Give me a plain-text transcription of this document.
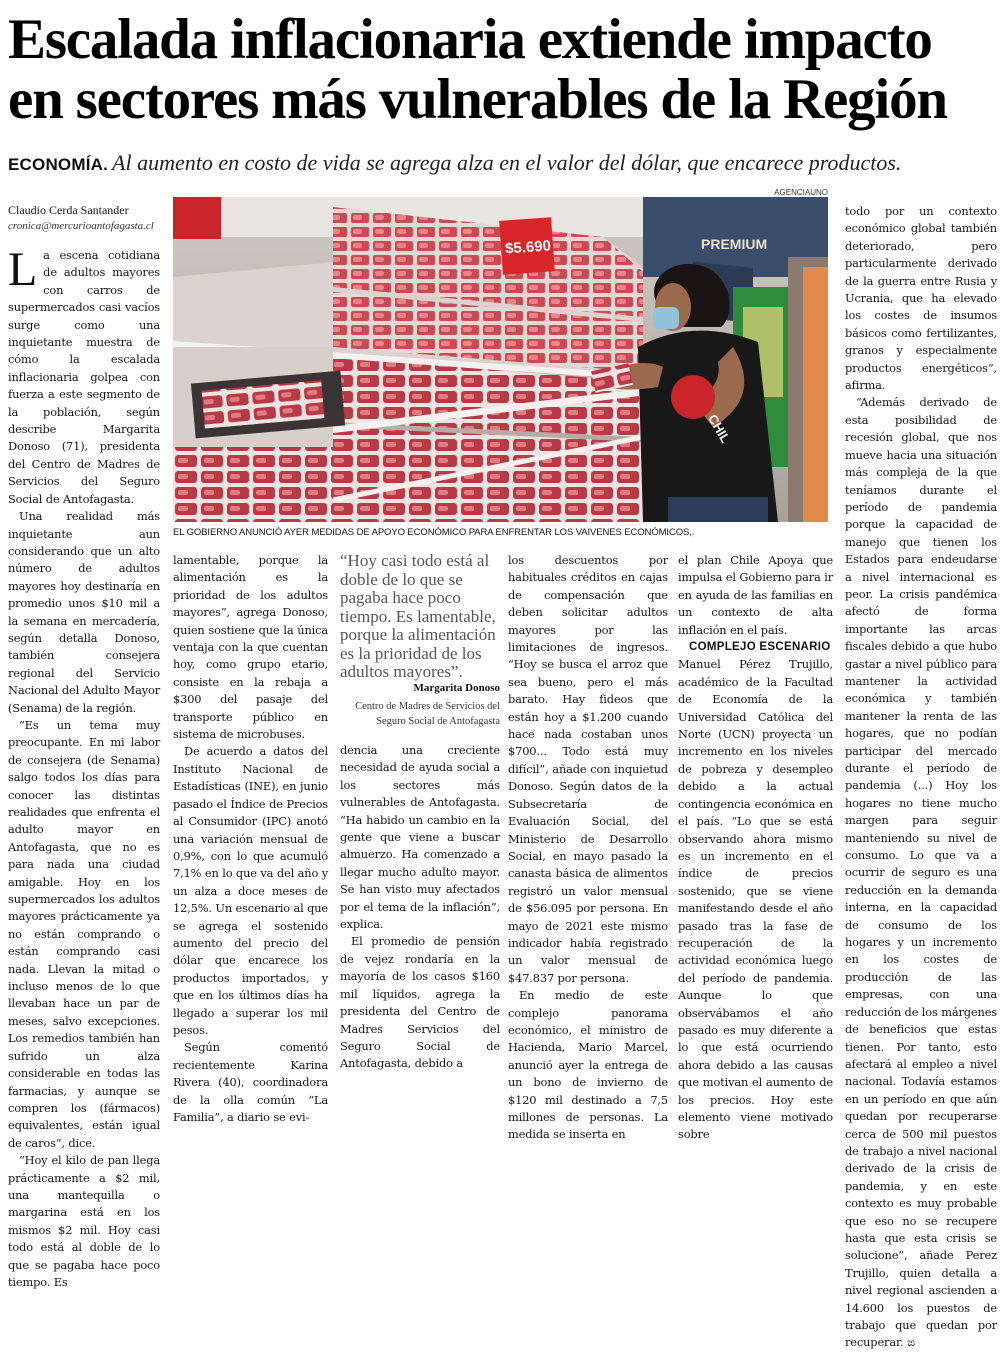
Escalada inflacionaria extiende impacto
en sectores más vulnerables de la Región
ECONOMÍA. Al aumento en costo de vida se agrega alza en el valor del dólar, que encarece productos.
Claudio Cerda Santander
cronica@mercurioantofagasta.cl
AGENCIAUNO
PREMIUM
$5.690
CHIL
EL GOBIERNO ANUNCIÓ AYER MEDIDAS DE APOYO ECONÓMICO PARA ENFRENTAR LOS VAIVENES ECONÓMICOS,.

La escena cotidiana de adultos mayores con carros de supermercados casi vacíos surge como una inquietante muestra de cómo la escalada inflacionaria golpea con fuerza a este segmento de la población, según describe Margarita Donoso (71), presidenta del Centro de Madres de Servicios del Seguro Social de Antofagasta.

Una realidad más inquietante aun considerando que un alto número de adultos mayores hoy destinaría en promedio unos $10 mil a la semana en mercadería, según detalla Donoso, también consejera regional del Servicio Nacional del Adulto Mayor (Senama) de la región.

“Es un tema muy preocupante. En mi labor de consejera (de Senama) salgo todos los días para conocer las distintas realidades que enfrenta el adulto mayor en Antofagasta, que no es para nada una ciudad amigable. Hoy en los supermercados los adultos mayores prácticamente ya no están comprando o están comprando casi nada. Llevan la mitad o incluso menos de lo que llevaban hace un par de meses, salvo excepciones. Los remedios también han sufrido un alza considerable en todas las farmacias, y aunque se compren los (fármacos) equivalentes, están igual de caros”, dice.

“Hoy el kilo de pan llega prácticamente a $2 mil, una mantequilla o margarina está en los mismos $2 mil. Hoy casi todo está al doble de lo que se pagaba hace poco tiempo. Es

lamentable, porque la alimentación es la prioridad de los adultos mayores”, agrega Donoso, quien sostiene que la única ventaja con la que cuentan hoy, como grupo etario, consiste en la rebaja a $300 del pasaje del transporte público en sistema de microbuses.

De acuerdo a datos del Instituto Nacional de Estadísticas (INE), en junio pasado el Índice de Precios al Consumidor (IPC) anotó una variación mensual de 0,9%, con lo que acumuló 7,1% en lo que va del año y un alza a doce meses de 12,5%. Un escenario al que se agrega el sostenido aumento del precio del dólar que encarece los productos importados, y que en los últimos días ha llegado a superar los mil pesos.

Según comentó recientemente Karina Rivera (40), coordinadora de la olla común “La Familia”, a diario se evi-

“Hoy casi todo está al doble de lo que se pagaba hace poco tiempo. Es lamentable, porque la alimentación es la prioridad de los adultos mayores”.
Margarita Donoso
Centro de Madres de Servicios del Seguro Social de Antofagasta

dencia una creciente necesidad de ayuda social a los sectores más vulnerables de Antofagasta. “Ha habido un cambio en la gente que viene a buscar almuerzo. Ha comenzado a llegar mucho adulto mayor. Se han visto muy afectados por el tema de la inflación”, explica.

El promedio de pensión de vejez rondaría en la mayoría de los casos $160 mil líquidos, agrega la presidenta del Centro de Madres Servicios del Seguro Social de Antofagasta, debido a

los descuentos por habituales créditos en cajas de compensación que deben solicitar adultos mayores por las limitaciones de ingresos. “Hoy se busca el arroz que sea bueno, pero el más barato. Hay fideos que están hoy a $1.200 cuando hace nada costaban unos $700... Todo está muy difícil”, añade con inquietud Donoso. Según datos de la Subsecretaría de Evaluación Social, del Ministerio de Desarrollo Social, en mayo pasado la canasta básica de alimentos registró un valor mensual de $56.095 por persona. En mayo de 2021 este mismo indicador había registrado un valor mensual de $47.837 por persona.

En medio de este complejo panorama económico, el ministro de Hacienda, Mario Marcel, anunció ayer la entrega de un bono de invierno de $120 mil destinado a 7,5 millones de personas. La medida se inserta en

el plan Chile Apoya que impulsa el Gobierno para ir en ayuda de las familias en un contexto de alta inflación en el país.

COMPLEJO ESCENARIO

Manuel Pérez Trujillo, académico de la Facultad de Economía de la Universidad Católica del Norte (UCN) proyecta un incremento en los niveles de pobreza y desempleo debido a la actual contingencia económica en el país. “Lo que se está observando ahora mismo es un incremento en el índice de precios sostenido, que se viene manifestando desde el año pasado tras la fase de recuperación de la actividad económica luego del período de pandemia. Aunque lo que observábamos el año pasado es muy diferente a lo que está ocurriendo ahora debido a las causas que motivan el aumento de los precios. Hoy este elemento viene motivado sobre

todo por un contexto económico global también deteriorado, pero particularmente derivado de la guerra entre Rusia y Ucrania, que ha elevado los costes de insumos básicos como fertilizantes, granos y especialmente productos energéticos”, afirma.

“Además derivado de esta posibilidad de recesión global, que nos mueve hacia una situación más compleja de la que teníamos durante el período de pandemia porque la capacidad de manejo que tienen los Estados para endeudarse a nivel internacional es peor. La crisis pandémica afectó de forma importante las arcas fiscales debido a que hubo gastar a nivel público para mantener la actividad económica y también mantener la renta de las hogares, que no podían participar del mercado durante el período de pandemia (...) Hoy los hogares no tiene mucho margen para seguir manteniendo su nivel de consumo. Lo que va a ocurrir de seguro es una reducción en la demanda interna, en la capacidad de consumo de los hogares y un incremento en los costes de producción de las empresas, con una reducción de los márgenes de beneficios que estas tienen. Por tanto, esto afectará al empleo a nivel nacional. Todavía estamos en un período en que aún quedan por recuperarse cerca de 500 mil puestos de trabajo a nivel nacional derivado de la crisis de pandemia, y en este contexto es muy probable que eso no se recupere hasta que esta crisis se solucione”, añade Perez Trujillo, quien detalla a nivel regional ascienden a 14.600 los puestos de trabajo que quedan por recuperar. ಙ
